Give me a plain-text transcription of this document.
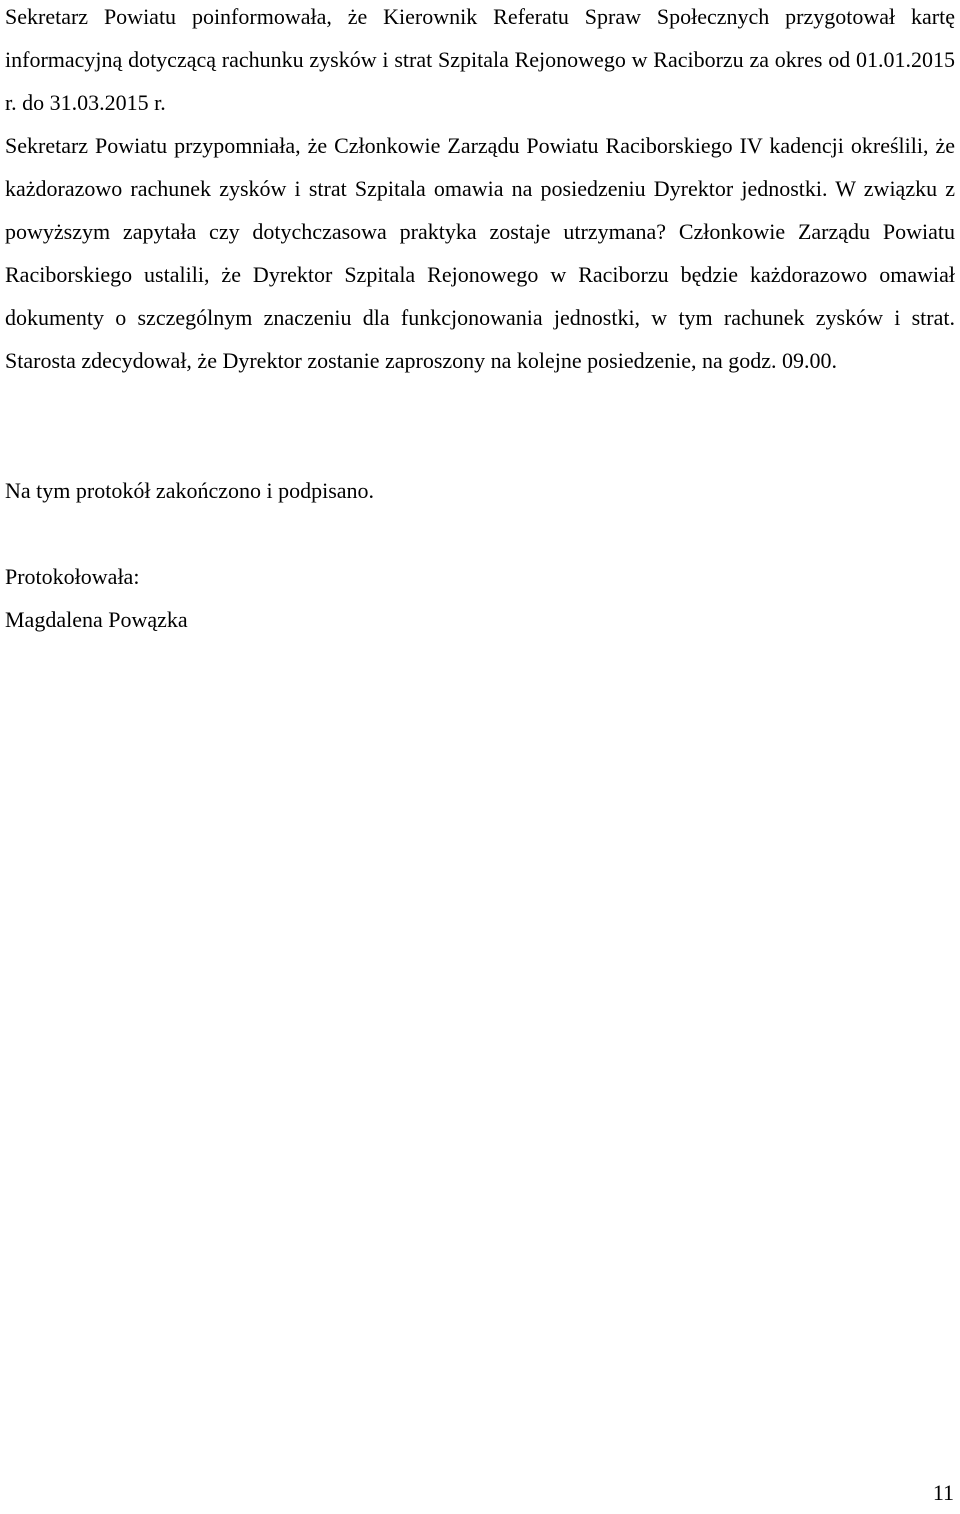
Sekretarz Powiatu poinformowała, że Kierownik Referatu Spraw Społecznych przygotował kartę informacyjną dotyczącą rachunku zysków i strat Szpitala Rejonowego w Raciborzu za okres od 01.01.2015 r. do 31.03.2015 r.

Sekretarz Powiatu przypomniała, że Członkowie Zarządu Powiatu Raciborskiego IV kadencji określili, że każdorazowo rachunek zysków i strat Szpitala omawia na posiedzeniu Dyrektor jednostki. W związku z powyższym zapytała czy dotychczasowa praktyka zostaje utrzymana? Członkowie Zarządu Powiatu Raciborskiego ustalili, że Dyrektor Szpitala Rejonowego w Raciborzu będzie każdorazowo omawiał dokumenty o szczególnym znaczeniu dla funkcjonowania jednostki, w tym rachunek zysków i strat. Starosta zdecydował, że Dyrektor zostanie zaproszony na kolejne posiedzenie, na godz. 09.00.

Na tym protokół zakończono i podpisano.

Protokołowała:

Magdalena Powązka

11
